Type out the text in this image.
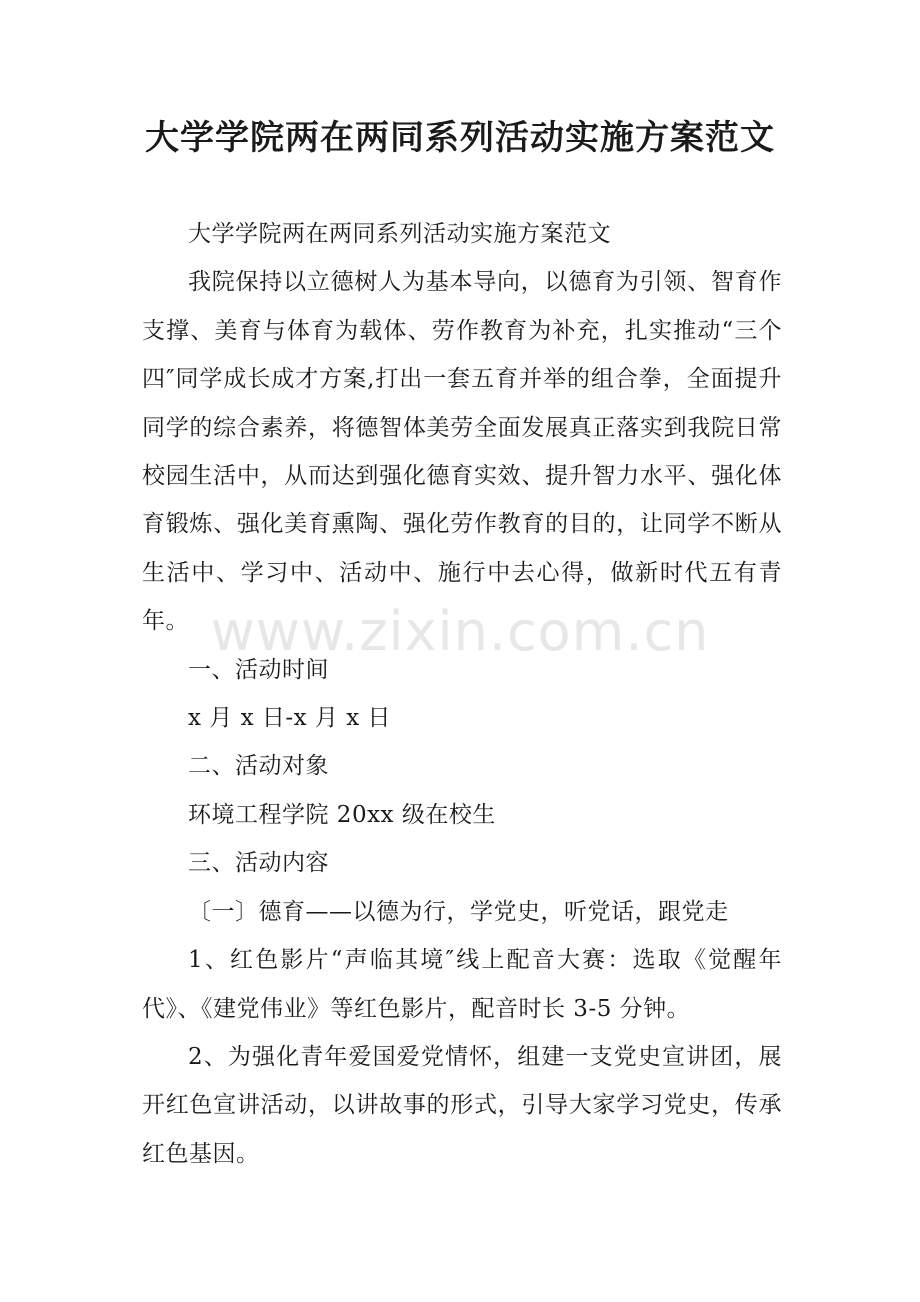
大学学院两在两同系列活动实施方案范文

大学学院两在两同系列活动实施方案范文

我院保持以立德树人为基本导向，以德育为引领、智育作支撑、美育与体育为载体、劳作教育为补充，扎实推动“三个四″同学成长成才方案,打出一套五育并举的组合拳，全面提升同学的综合素养，将德智体美劳全面发展真正落实到我院日常校园生活中，从而达到强化德育实效、提升智力水平、强化体育锻炼、强化美育熏陶、强化劳作教育的目的，让同学不断从生活中、学习中、活动中、施行中去心得，做新时代五有青年。

一、活动时间

x 月 x 日-x 月 x 日

二、活动对象

环境工程学院 20xx 级在校生

三、活动内容

〔一〕德育——以德为行，学党史，听党话，跟党走

1、红色影片“声临其境″线上配音大赛：选取《觉醒年代》、《建党伟业》等红色影片，配音时长 3-5 分钟。

2、为强化青年爱国爱党情怀，组建一支党史宣讲团，展开红色宣讲活动，以讲故事的形式，引导大家学习党史，传承红色基因。

www.zixin.com.cn
